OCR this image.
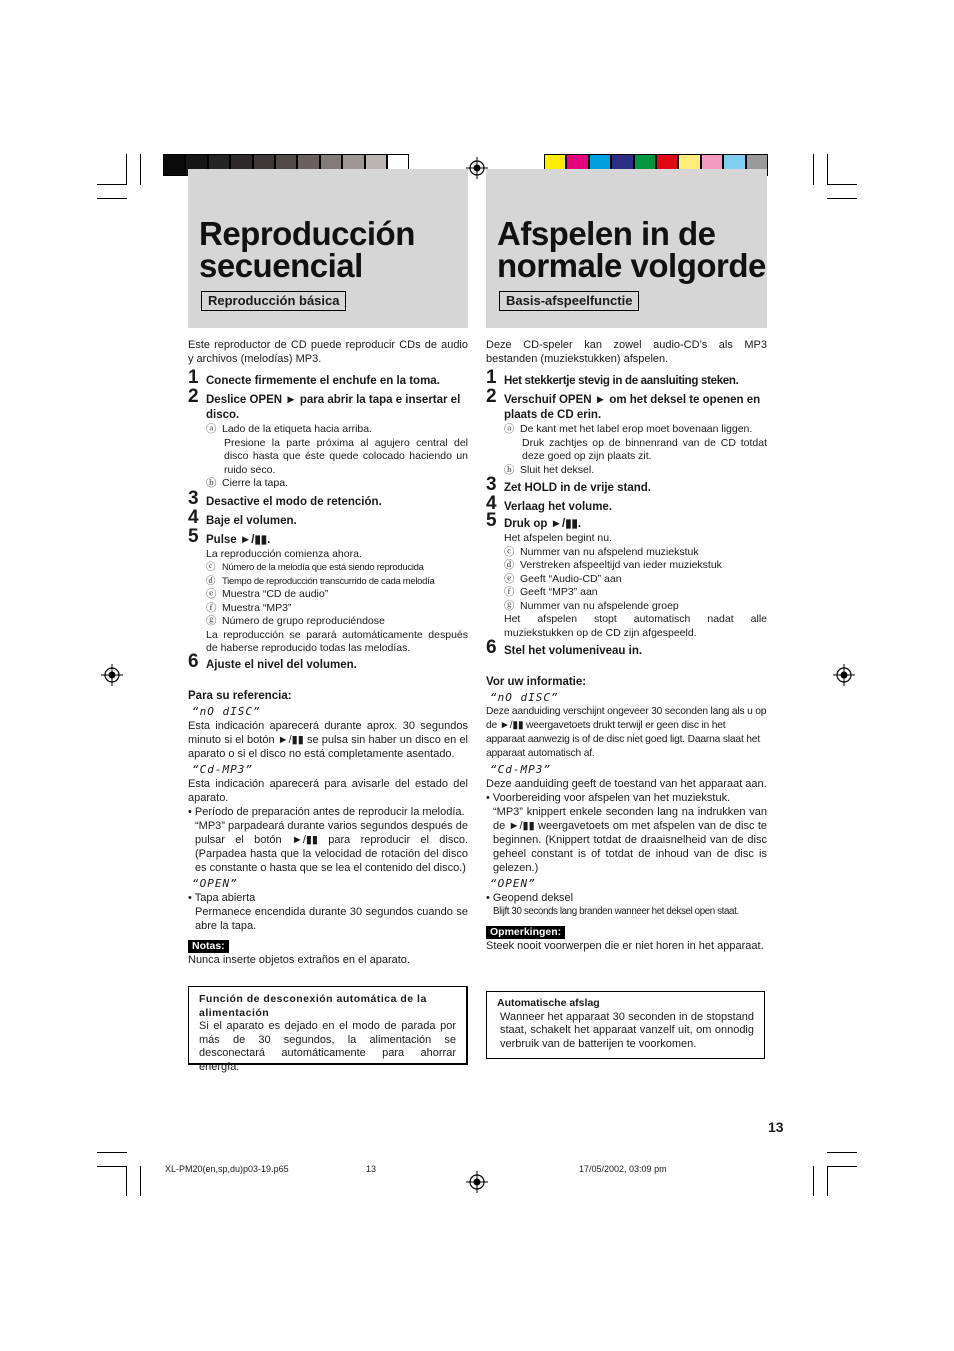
Reproducción
secuencial
Reproducción básica
Afspelen in de
normale volgorde
Basis-afspeelfunctie

Este reproductor de CD puede reproducir CDs de audio y archivos (melodías) MP3.

1 Conecte firmemente el enchufe en la toma.
2 Deslice OPEN ► para abrir la tapa e insertar el disco.
ⓐ Lado de la etiqueta hacia arriba.
Presione la parte próxima al agujero central del disco hasta que éste quede colocado haciendo un ruido seco.
ⓑ Cierre la tapa.
3 Desactive el modo de retención.
4 Baje el volumen.
5 Pulse ►/▮▮.
La reproducción comienza ahora.
ⓒ Número de la melodía que está siendo reproducida
ⓓ Tiempo de reproducción transcurrido de cada melodía
ⓔ Muestra “CD de audio”
ⓕ Muestra “MP3”
ⓖ Número de grupo reproduciéndose
La reproducción se parará automáticamente después de haberse reproducido todas las melodías.
6 Ajuste el nivel del volumen.
Para su referencia:
“nO dISC”

Esta indicación aparecerá durante aprox. 30 segundos minuto si el botón ►/▮▮ se pulsa sin haber un disco en el aparato o si el disco no está completamente asentado.

“Cd-MP3”

Esta indicación aparecerá para avisarle del estado del aparato.

• Período de preparación antes de reproducir la melodía.

“MP3” parpadeará durante varios segundos después de pulsar el botón ►/▮▮ para reproducir el disco. (Parpadea hasta que la velocidad de rotación del disco es constante o hasta que se lea el contenido del disco.)

“OPEN”

• Tapa abierta

Permanece encendida durante 30 segundos cuando se abre la tapa.

Notas:

Nunca inserte objetos extraños en el aparato.

Función de desconexión automática de la alimentación
Si el aparato es dejado en el modo de parada por más de 30 segundos, la alimentación se desconectará automáticamente para ahorrar energía.

Deze CD-speler kan zowel audio-CD’s als MP3 bestanden (muziekstukken) afspelen.

1 Het stekkertje stevig in de aansluiting steken.
2 Verschuif OPEN ► om het deksel te openen en plaats de CD erin.
ⓐ De kant met het label erop moet bovenaan liggen.
Druk zachtjes op de binnenrand van de CD totdat deze goed op zijn plaats zit.
ⓑ Sluit het deksel.
3 Zet HOLD in de vrije stand.
4 Verlaag het volume.
5 Druk op ►/▮▮.
Het afspelen begint nu.
ⓒ Nummer van nu afspelend muziekstuk
ⓓ Verstreken afspeeltijd van ieder muziekstuk
ⓔ Geeft “Audio-CD” aan
ⓕ Geeft “MP3” aan
ⓖ Nummer van nu afspelende groep
Het afspelen stopt automatisch nadat alle muziekstukken op de CD zijn afgespeeld.
6 Stel het volumeniveau in.
Vor uw informatie:
“nO dISC”

Deze aanduiding verschijnt ongeveer 30 seconden lang als u op de ►/▮▮ weergavetoets drukt terwijl er geen disc in het apparaat aanwezig is of de disc niet goed ligt. Daarna slaat het apparaat automatisch af.

“Cd-MP3”

Deze aanduiding geeft de toestand van het apparaat aan.

• Voorbereiding voor afspelen van het muziekstuk.

“MP3” knippert enkele seconden lang na indrukken van de ►/▮▮ weergavetoets om met afspelen van de disc te beginnen. (Knippert totdat de draaisnelheid van de disc geheel constant is of totdat de inhoud van de disc is gelezen.)

“OPEN”

• Geopend deksel

Blijft 30 seconds lang branden wanneer het deksel open staat.

Opmerkingen:

Steek nooit voorwerpen die er niet horen in het apparaat.

Automatische afslag
Wanneer het apparaat 30 seconden in de stopstand staat, schakelt het apparaat vanzelf uit, om onnodig verbruik van de batterijen te voorkomen.
13
XL-PM20(en,sp,du)p03-19.p65	13	17/05/2002, 03:09 pm
